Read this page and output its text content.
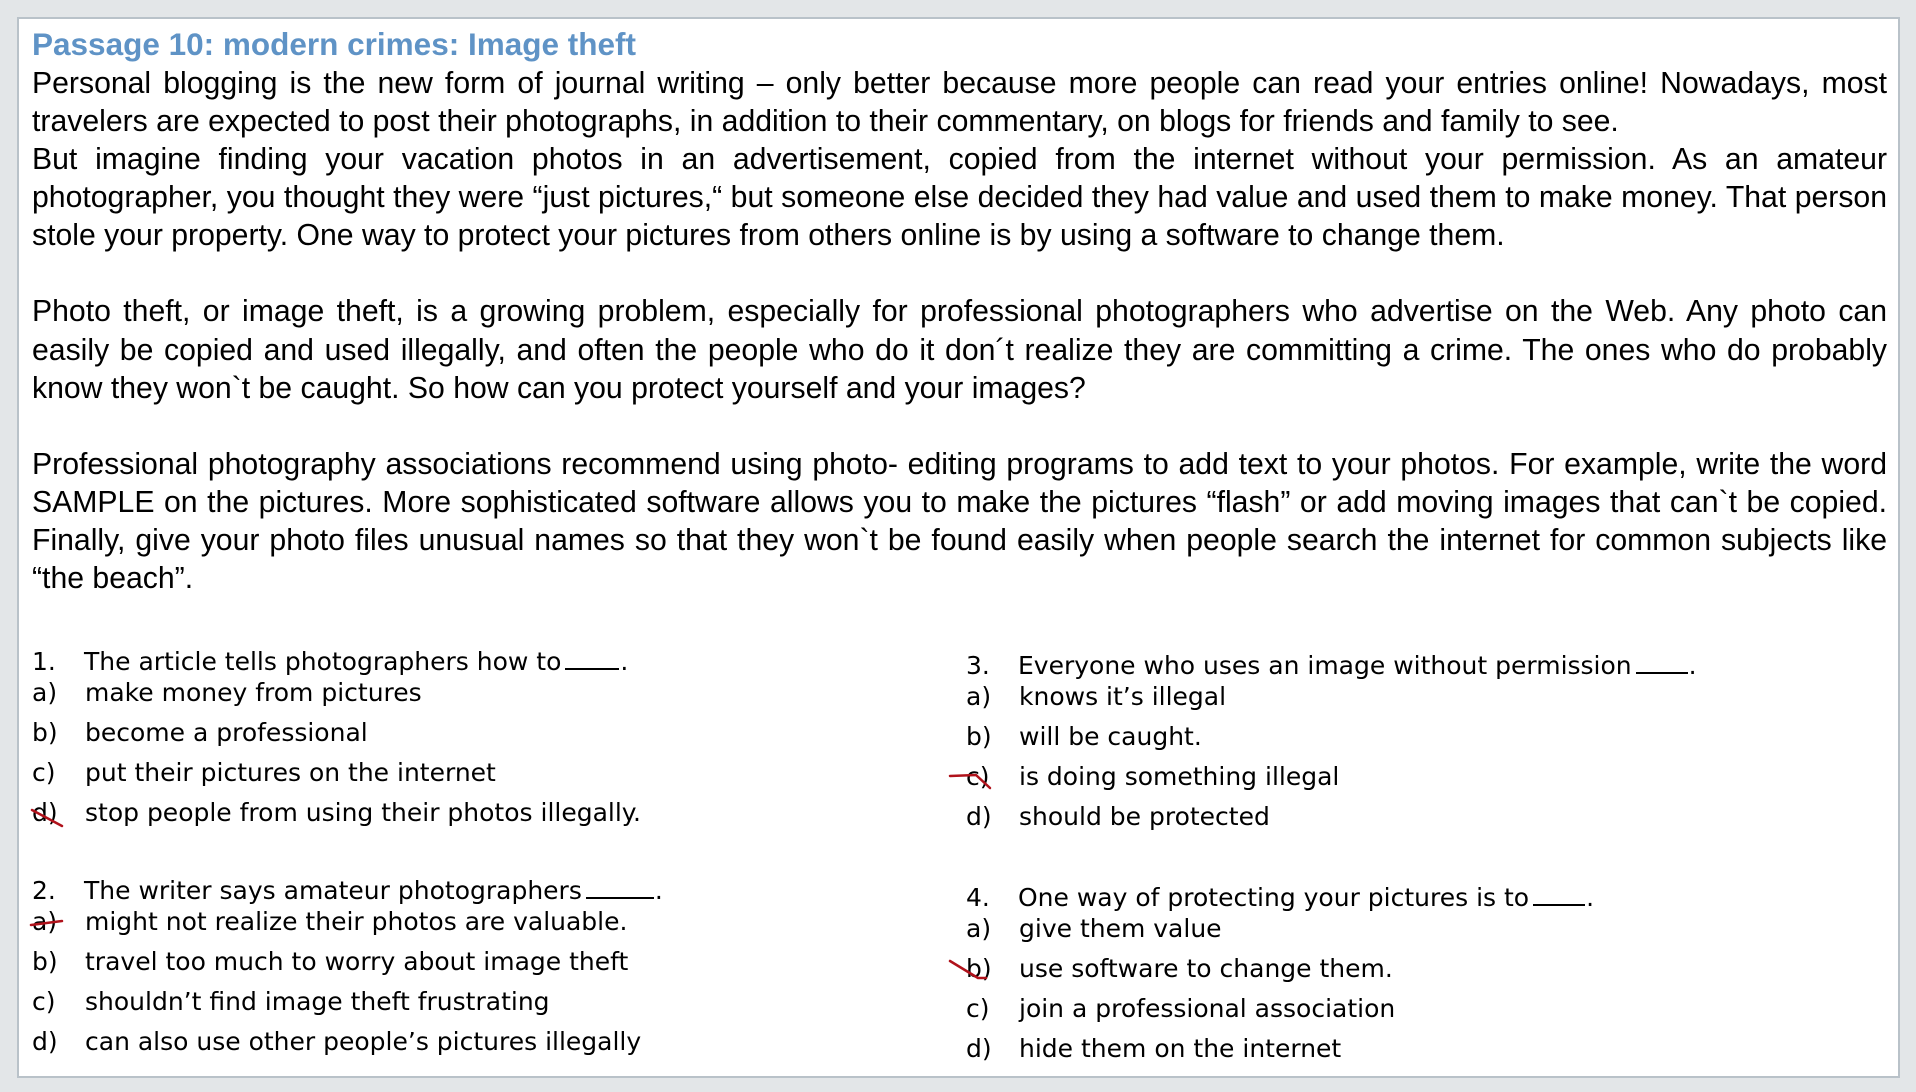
Passage 10: modern crimes: Image theft

Personal blogging is the new form of journal writing – only better because more people can read your entries online! Nowadays, most travelers are expected to post their photographs, in addition to their commentary, on blogs for friends and family to see.

But imagine finding your vacation photos in an advertisement, copied from the internet without your permission. As an amateur photographer, you thought they were “just pictures,“ but someone else decided they had value and used them to make money. That person stole your property. One way to protect your pictures from others online is by using a software to change them.

Photo theft, or image theft, is a growing problem, especially for professional photographers who advertise on the Web. Any photo can easily be copied and used illegally, and often the people who do it don´t realize they are committing a crime. The ones who do probably know they won`t be caught. So how can you protect yourself and your images?

Professional photography associations recommend using photo- editing programs to add text to your photos. For example, write the word SAMPLE on the pictures. More sophisticated software allows you to make the pictures “flash” or add moving images that can`t be copied. Finally, give your photo files unusual names so that they won`t be found easily when people search the internet for common subjects like “the beach”.

1. The article tells photographers how to .
a)	make money from pictures
b)	become a professional
c)	put their pictures on the internet
d)	stop people from using their photos illegally.
2. The writer says amateur photographers	.
a)	might not realize their photos are valuable.
b)	travel too much to worry about image theft
c)	shouldn’t find image theft frustrating
d)	can also use other people’s pictures illegally
3. Everyone who uses an image without permission .
a)	knows it’s illegal
b)	will be caught.
c)	is doing something illegal
d)	should be protected
4. One way of protecting your pictures is to .
a)	give them value
b)	use software to change them.
c)	join a professional association
d)	hide them on the internet
